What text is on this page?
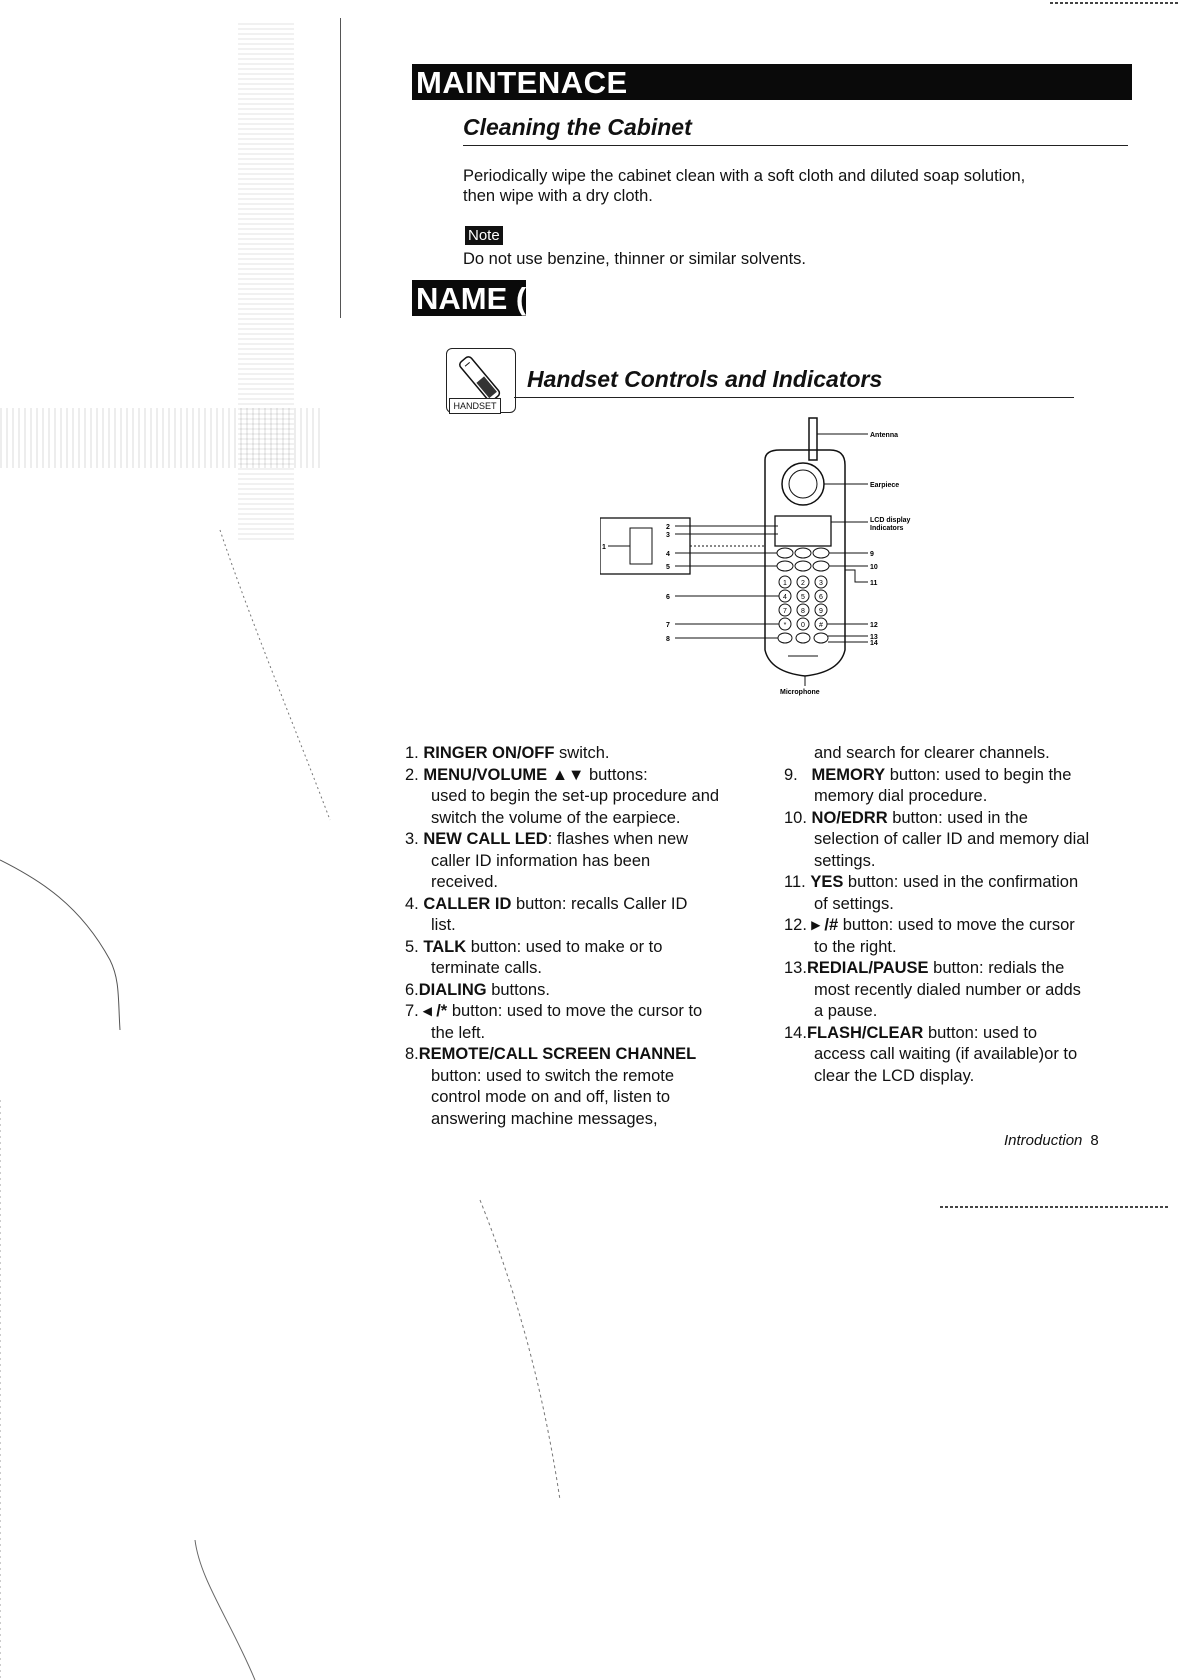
MAINTENACE
Cleaning the Cabinet
Periodically wipe the cabinet clean with a soft cloth and diluted soap solution,
then wipe with a dry cloth.
Note
Do not use benzine, thinner or similar solvents.
NAME (
HANDSET
Handset Controls and Indicators
Antenna
Earpiece
LCD display
Indicators
1 2 3
4 5 6
7 8 9
* 0 #
Microphone
1
2
3
4
5
6
7
8
9
10
11
12
13
14
1. RINGER ON/OFF switch.
2. MENU/VOLUME ▲▼ buttons:
used to begin the set-up procedure and
switch the volume of the earpiece.
3. NEW CALL LED: flashes when new
caller ID information has been
received.
4. CALLER ID button: recalls Caller ID
list.
5. TALK button: used to make or to
terminate calls.
6.DIALING buttons.
7. ◂ /* button: used to move the cursor to
the left.
8.REMOTE/CALL SCREEN CHANNEL
button: used to switch the remote
control mode on and off, listen to
answering machine messages,
and search for clearer channels.
9. MEMORY button: used to begin the
memory dial procedure.
10. NO/EDRR button: used in the
selection of caller ID and memory dial
settings.
11. YES button: used in the confirmation
of settings.
12. ▸ /# button: used to move the cursor
to the right.
13.REDIAL/PAUSE button: redials the
most recently dialed number or adds
a pause.
14.FLASH/CLEAR button: used to
access call waiting (if available)or to
clear the LCD display.
Introduction 8
